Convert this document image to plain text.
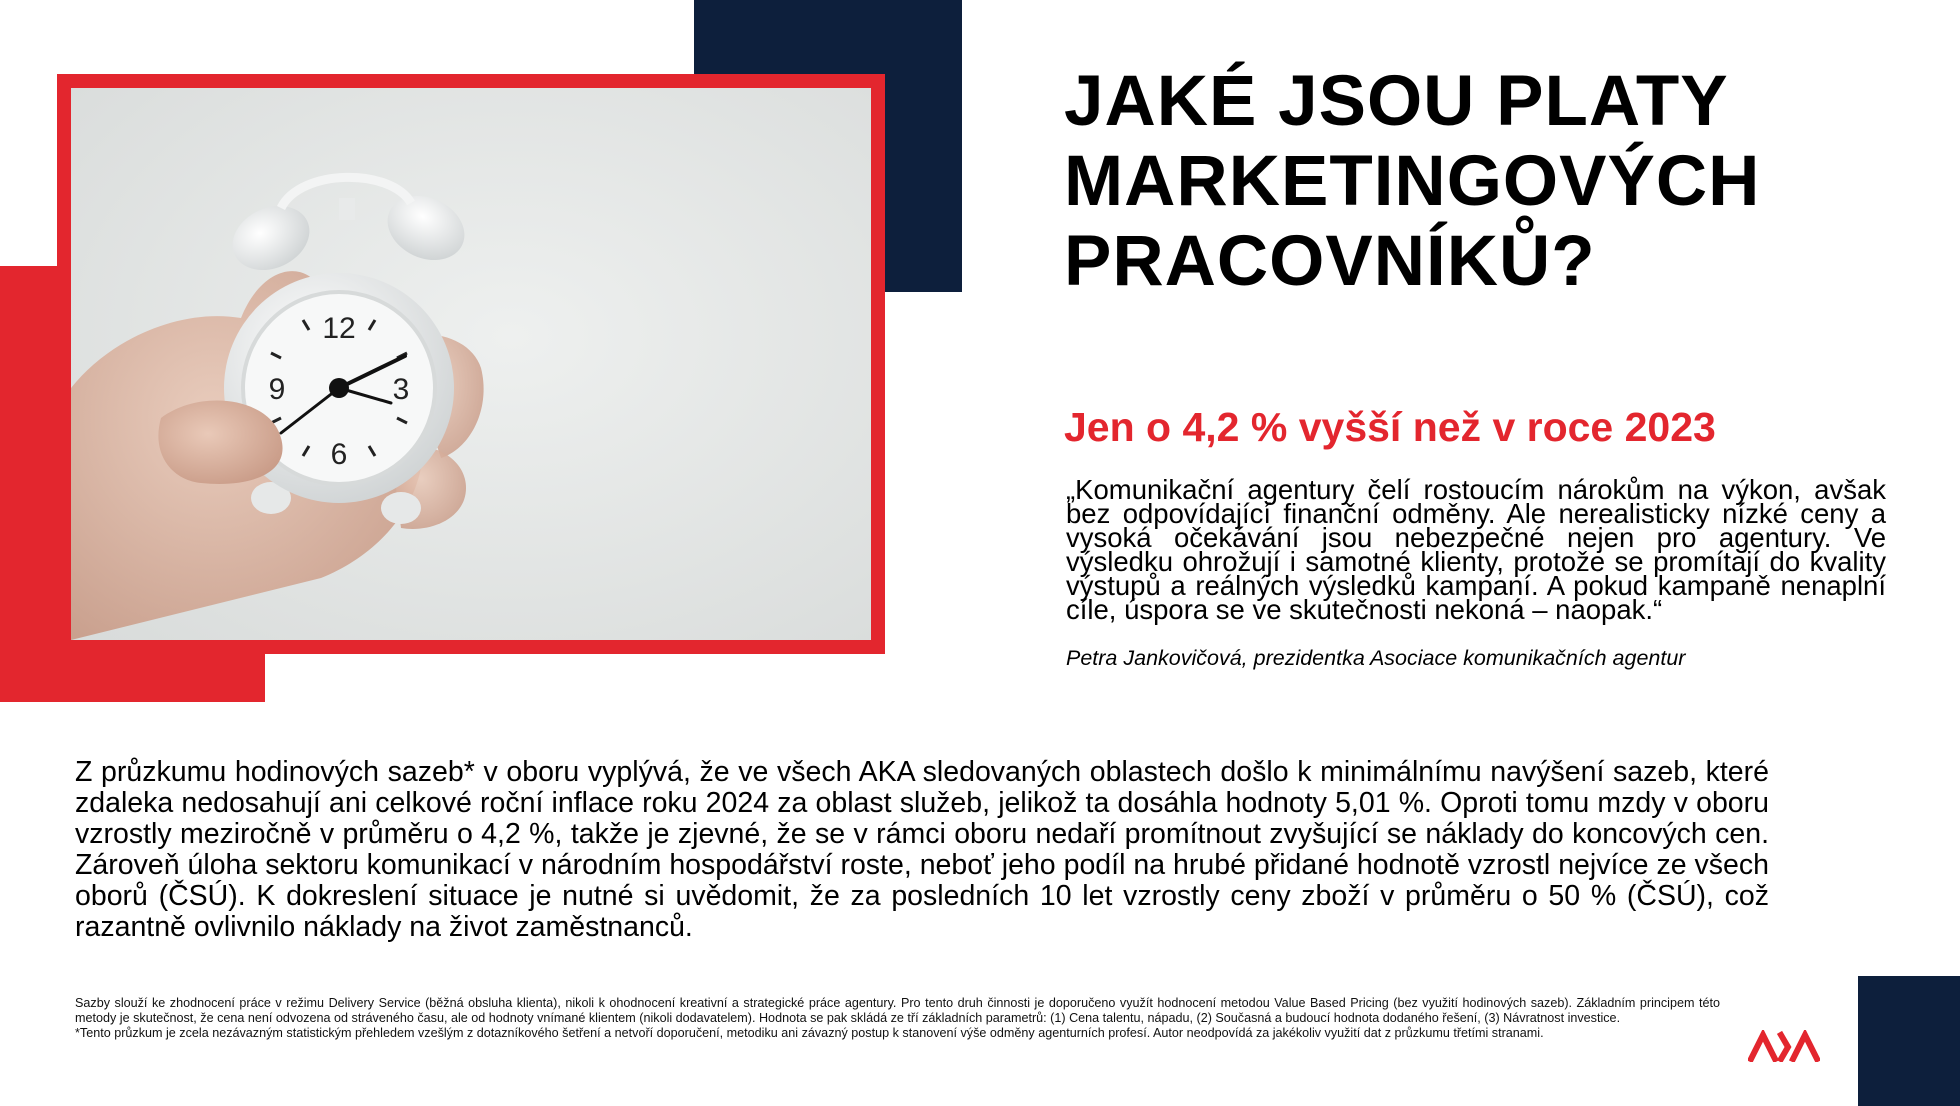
12
3
6
9
JAKÉ JSOU PLATY
MARKETINGOVÝCH
PRACOVNÍKŮ?
Jen o 4,2 % vyšší než v roce 2023
„Komunikační agentury čelí rostoucím nárokům na výkon, avšak bez odpovídající finanční odměny. Ale nerealisticky nízké ceny a vysoká očekávání jsou nebezpečné nejen pro agentury. Ve výsledku ohrožují i samotné klienty, protože se promítají do kvality výstupů a reálných výsledků kampaní. A pokud kampaně nenaplní cíle, úspora se ve skutečnosti nekoná – naopak.“
Petra Jankovičová, prezidentka Asociace komunikačních agentur
Z průzkumu hodinových sazeb* v oboru vyplývá, že ve všech AKA sledovaných oblastech došlo k minimálnímu navýšení sazeb, které zdaleka nedosahují ani celkové roční inflace roku 2024 za oblast služeb, jelikož ta dosáhla hodnoty 5,01 %. Oproti tomu mzdy v oboru vzrostly meziročně v průměru o 4,2 %, takže je zjevné, že se v rámci oboru nedaří promítnout zvyšující se náklady do koncových cen. Zároveň úloha sektoru komunikací v národním hospodářství roste, neboť jeho podíl na hrubé přidané hodnotě vzrostl nejvíce ze všech oborů (ČSÚ). K dokreslení situace je nutné si uvědomit, že za posledních 10 let vzrostly ceny zboží v průměru o 50 % (ČSÚ), což razantně ovlivnilo náklady na život zaměstnanců.

Sazby slouží ke zhodnocení práce v režimu Delivery Service (běžná obsluha klienta), nikoli k ohodnocení kreativní a strategické práce agentury. Pro tento druh činnosti je doporučeno využít hodnocení metodou Value Based Pricing (bez využití hodinových sazeb). Základním principem této metody je skutečnost, že cena není odvozena od stráveného času, ale od hodnoty vnímané klientem (nikoli dodavatelem). Hodnota se pak skládá ze tří základních parametrů: (1) Cena talentu, nápadu, (2) Současná a budoucí hodnota dodaného řešení, (3) Návratnost investice.

*Tento průzkum je zcela nezávazným statistickým přehledem vzešlým z dotazníkového šetření a netvoří doporučení, metodiku ani závazný postup k stanovení výše odměny agenturních profesí. Autor neodpovídá za jakékoliv využití dat z průzkumu třetími stranami.
